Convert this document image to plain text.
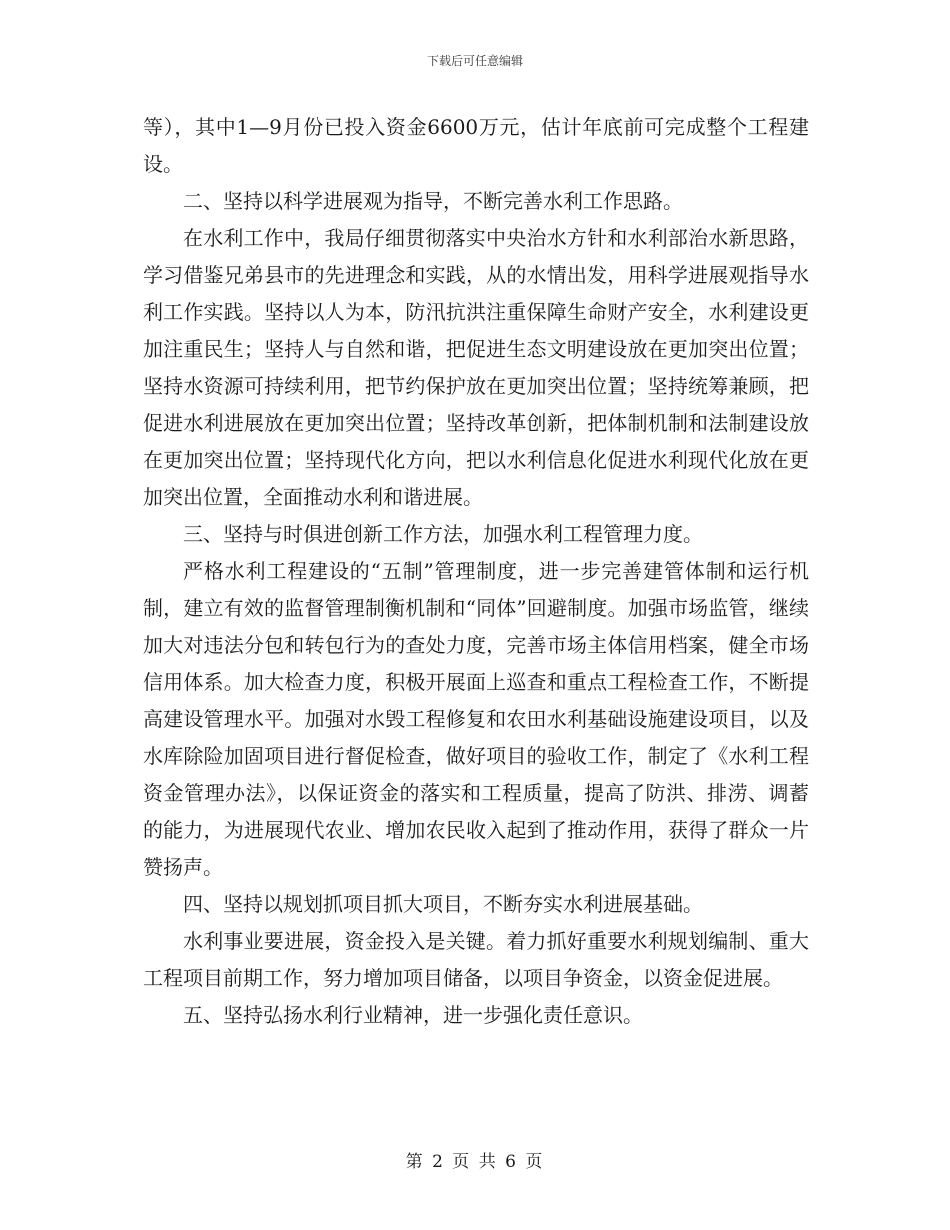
下载后可任意编辑

等），其中1—9月份已投入资金6600万元，估计年底前可完成整个工程建设。

二、坚持以科学进展观为指导，不断完善水利工作思路。

在水利工作中，我局仔细贯彻落实中央治水方针和水利部治水新思路，学习借鉴兄弟县市的先进理念和实践，从的水情出发，用科学进展观指导水利工作实践。坚持以人为本，防汛抗洪注重保障生命财产安全，水利建设更加注重民生；坚持人与自然和谐，把促进生态文明建设放在更加突出位置；坚持水资源可持续利用，把节约保护放在更加突出位置；坚持统筹兼顾，把促进水利进展放在更加突出位置；坚持改革创新，把体制机制和法制建设放在更加突出位置；坚持现代化方向，把以水利信息化促进水利现代化放在更加突出位置，全面推动水利和谐进展。

三、坚持与时俱进创新工作方法，加强水利工程管理力度。

严格水利工程建设的“五制”管理制度，进一步完善建管体制和运行机制，建立有效的监督管理制衡机制和“同体”回避制度。加强市场监管，继续加大对违法分包和转包行为的查处力度，完善市场主体信用档案，健全市场信用体系。加大检查力度，积极开展面上巡查和重点工程检查工作，不断提高建设管理水平。加强对水毁工程修复和农田水利基础设施建设项目，以及水库除险加固项目进行督促检查，做好项目的验收工作，制定了《水利工程资金管理办法》，以保证资金的落实和工程质量，提高了防洪、排涝、调蓄的能力，为进展现代农业、增加农民收入起到了推动作用，获得了群众一片赞扬声。

四、坚持以规划抓项目抓大项目，不断夯实水利进展基础。

水利事业要进展，资金投入是关键。着力抓好重要水利规划编制、重大工程项目前期工作，努力增加项目储备，以项目争资金，以资金促进展。

五、坚持弘扬水利行业精神，进一步强化责任意识。

第 2 页 共 6 页
